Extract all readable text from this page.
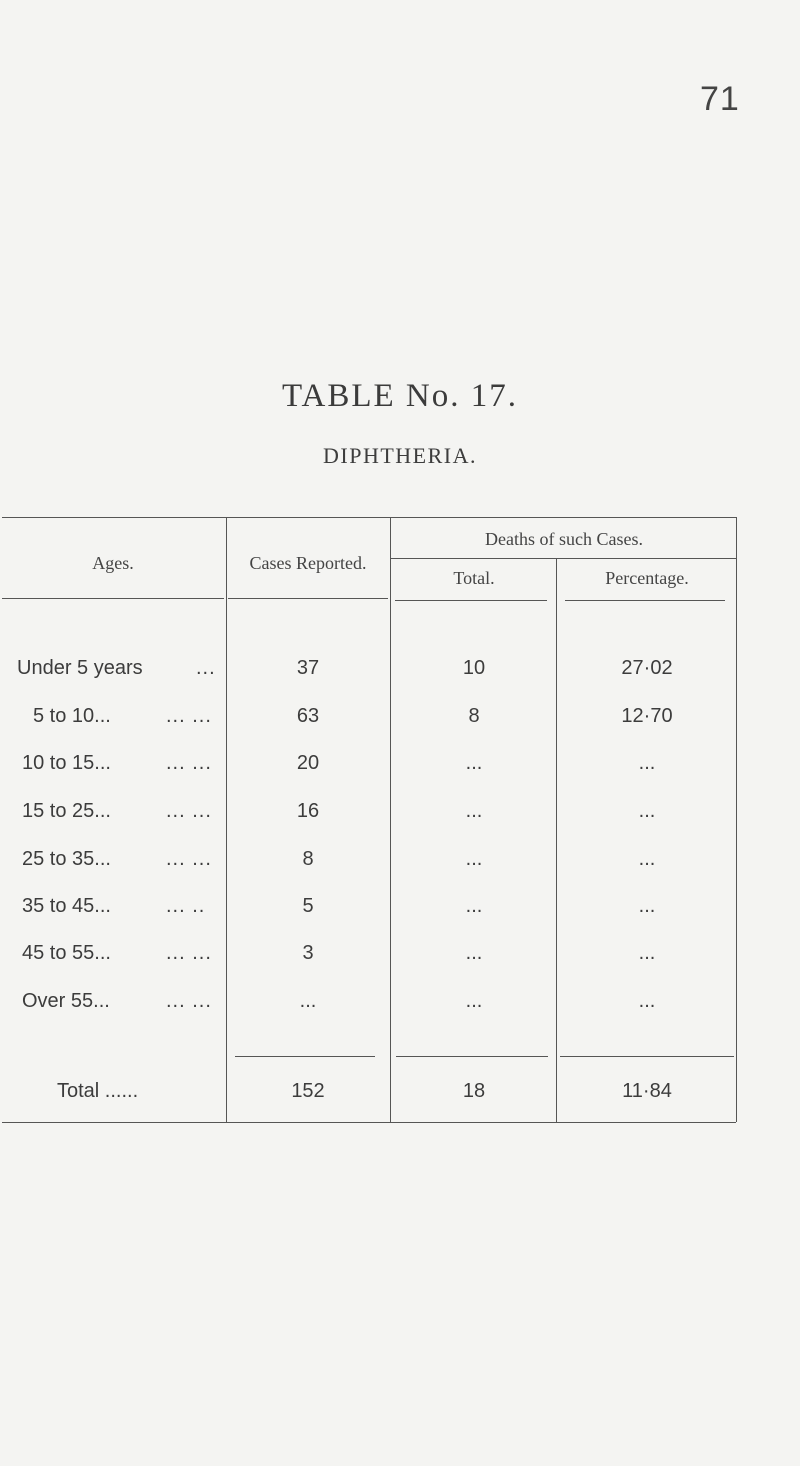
71
TABLE No. 17.
DIPHTHERIA.
Ages.	Cases Reported.
Deaths of such Cases.
Total.	Percentage.
Under 5 years	...	37	10	27·02
5 to 10...	... ...	63	8	12·70
10 to 15...	... ...	20	...	...
15 to 25...	... ...	16	...	...
25 to 35...	... ...	8	...	...
35 to 45...	... ..	5	...	...
45 to 55...	... ...	3	...	...
Over 55...	... ...	...	...	...
Total ......	152	18	11·84
